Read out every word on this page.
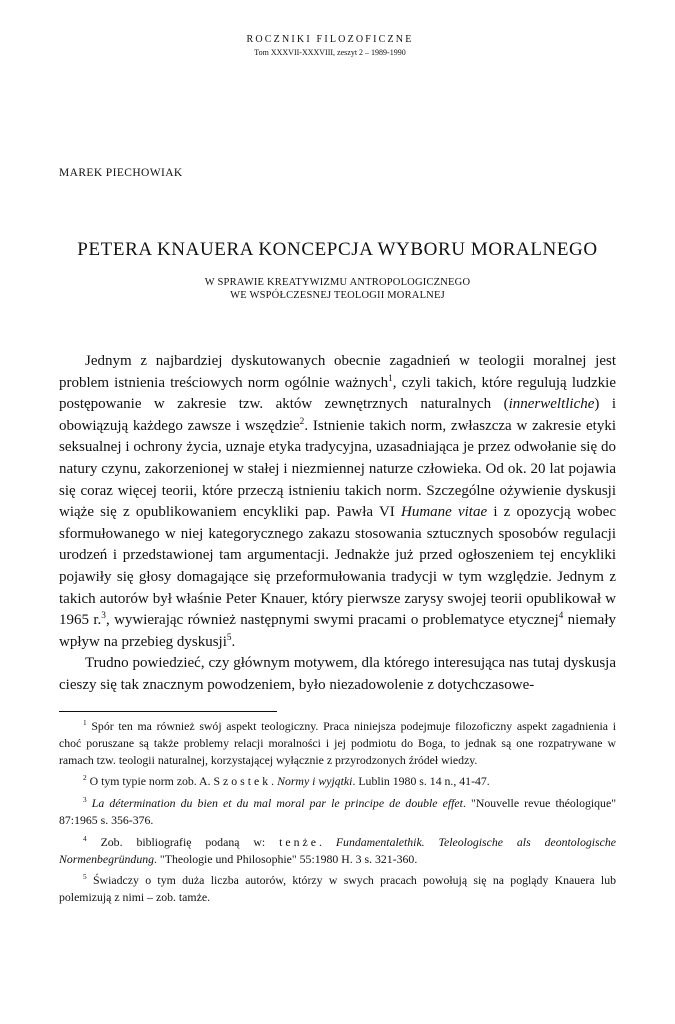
ROCZNIKI FILOZOFICZNE
Tom XXXVII-XXXVIII, zeszyt 2 – 1989-1990
MAREK PIECHOWIAK
PETERA KNAUERA KONCEPCJA WYBORU MORALNEGO
W SPRAWIE KREATYWIZMU ANTROPOLOGICZNEGO
WE WSPÓŁCZESNEJ TEOLOGII MORALNEJ

Jednym z najbardziej dyskutowanych obecnie zagadnień w teologii moralnej jest problem istnienia treściowych norm ogólnie ważnych$^1$, czyli takich, które regulują ludzkie postępowanie w zakresie tzw. aktów zewnętrznych naturalnych (innerweltliche) i obowiązują każdego zawsze i wszędzie$^2$. Istnienie takich norm, zwłaszcza w zakresie etyki seksualnej i ochrony życia, uznaje etyka tradycyjna, uzasadniająca je przez odwołanie się do natury czynu, zakorzenionej w stałej i niezmiennej naturze człowieka. Od ok. 20 lat pojawia się coraz więcej teorii, które przeczą istnieniu takich norm. Szczególne ożywienie dyskusji wiąże się z opublikowaniem encykliki pap. Pawła VI Humane vitae i z opozycją wobec sformułowanego w niej kategorycznego zakazu stosowania sztucznych sposobów regulacji urodzeń i przedstawionej tam argumentacji. Jednakże już przed ogłoszeniem tej encykliki pojawiły się głosy domagające się przeformułowania tradycji w tym względzie. Jednym z takich autorów był właśnie Peter Knauer, który pierwsze zarysy swojej teorii opublikował w 1965 r.$^3$, wywierając również następnymi swymi pracami o problematyce etycznej$^4$ niemały wpływ na przebieg dyskusji$^5$.

Trudno powiedzieć, czy głównym motywem, dla którego interesująca nas tutaj dyskusja cieszy się tak znacznym powodzeniem, było niezadowolenie z dotychczasowe-

$^1$ Spór ten ma również swój aspekt teologiczny. Praca niniejsza podejmuje filozoficzny aspekt zagadnienia i choć poruszane są także problemy relacji moralności i jej podmiotu do Boga, to jednak są one rozpatrywane w ramach tzw. teologii naturalnej, korzystającej wyłącznie z przyrodzonych źródeł wiedzy.

$^2$ O tym typie norm zob. A. Szostek. Normy i wyjątki. Lublin 1980 s. 14 n., 41-47.

$^3$ La détermination du bien et du mal moral par le principe de double effet. "Nouvelle revue théologique" 87:1965 s. 356-376.

$^4$ Zob. bibliografię podaną w: tenże. Fundamentalethik. Teleologische als deontologische Normenbegründung. "Theologie und Philosophie" 55:1980 H. 3 s. 321-360.

$^5$ Świadczy o tym duża liczba autorów, którzy w swych pracach powołują się na poglądy Knauera lub polemizują z nimi – zob. tamże.
